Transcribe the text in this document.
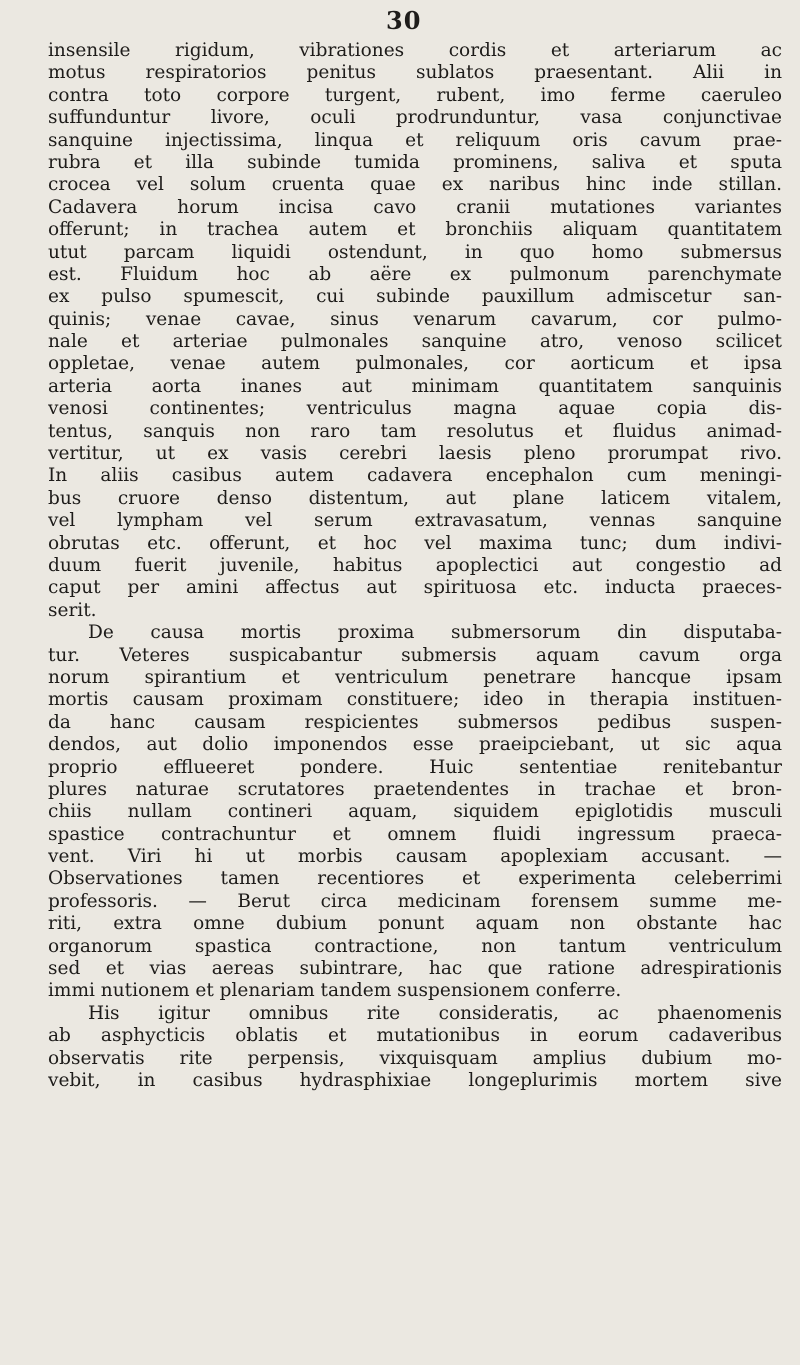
30
insensile rigidum, vibrationes cordis et arteriarum ac
motus respiratorios penitus sublatos praesentant. Alii in
contra toto corpore turgent, rubent, imo ferme caeruleo
suffunduntur livore, oculi prodrunduntur, vasa conjunctivae
sanquine injectissima, linqua et reliquum oris cavum prae-
rubra et illa subinde tumida prominens, saliva et sputa
crocea vel solum cruenta quae ex naribus hinc inde stillan.
Cadavera horum incisa cavo cranii mutationes variantes
offerunt; in trachea autem et bronchiis aliquam quantitatem
utut parcam liquidi ostendunt, in quo homo submersus
est. Fluidum hoc ab aëre ex pulmonum parenchymate
ex pulso spumescit, cui subinde pauxillum admiscetur san-
quinis; venae cavae, sinus venarum cavarum, cor pulmo-
nale et arteriae pulmonales sanquine atro, venoso scilicet
oppletae, venae autem pulmonales, cor aorticum et ipsa
arteria aorta inanes aut minimam quantitatem sanquinis
venosi continentes; ventriculus magna aquae copia dis-
tentus, sanquis non raro tam resolutus et fluidus animad-
vertitur, ut ex vasis cerebri laesis pleno prorumpat rivo.
In aliis casibus autem cadavera encephalon cum meningi-
bus cruore denso distentum, aut plane laticem vitalem,
vel lympham vel serum extravasatum, vennas sanquine
obrutas etc. offerunt, et hoc vel maxima tunc; dum indivi-
duum fuerit juvenile, habitus apoplectici aut congestio ad
caput per amini affectus aut spirituosa etc. inducta praeces-
serit.
De causa mortis proxima submersorum din disputaba-
tur. Veteres suspicabantur submersis aquam cavum orga
norum spirantium et ventriculum penetrare hancque ipsam
mortis causam proximam constituere; ideo in therapia instituen-
da hanc causam respicientes submersos pedibus suspen-
dendos, aut dolio imponendos esse praeipciebant, ut sic aqua
proprio efflueeret pondere. Huic sententiae renitebantur
plures naturae scrutatores praetendentes in trachae et bron-
chiis nullam contineri aquam, siquidem epiglotidis musculi
spastice contrachuntur et omnem fluidi ingressum praeca-
vent. Viri hi ut morbis causam apoplexiam accusant. —
Observationes tamen recentiores et experimenta celeberrimi
professoris. — Berut circa medicinam forensem summe me-
riti, extra omne dubium ponunt aquam non obstante hac
organorum spastica contractione, non tantum ventriculum
sed et vias aereas subintrare, hac que ratione adrespirationis
immi nutionem et plenariam tandem suspensionem conferre.
His igitur omnibus rite consideratis, ac phaenomenis
ab asphycticis oblatis et mutationibus in eorum cadaveribus
observatis rite perpensis, vixquisquam amplius dubium mo-
vebit, in casibus hydrasphixiae longeplurimis mortem sive
